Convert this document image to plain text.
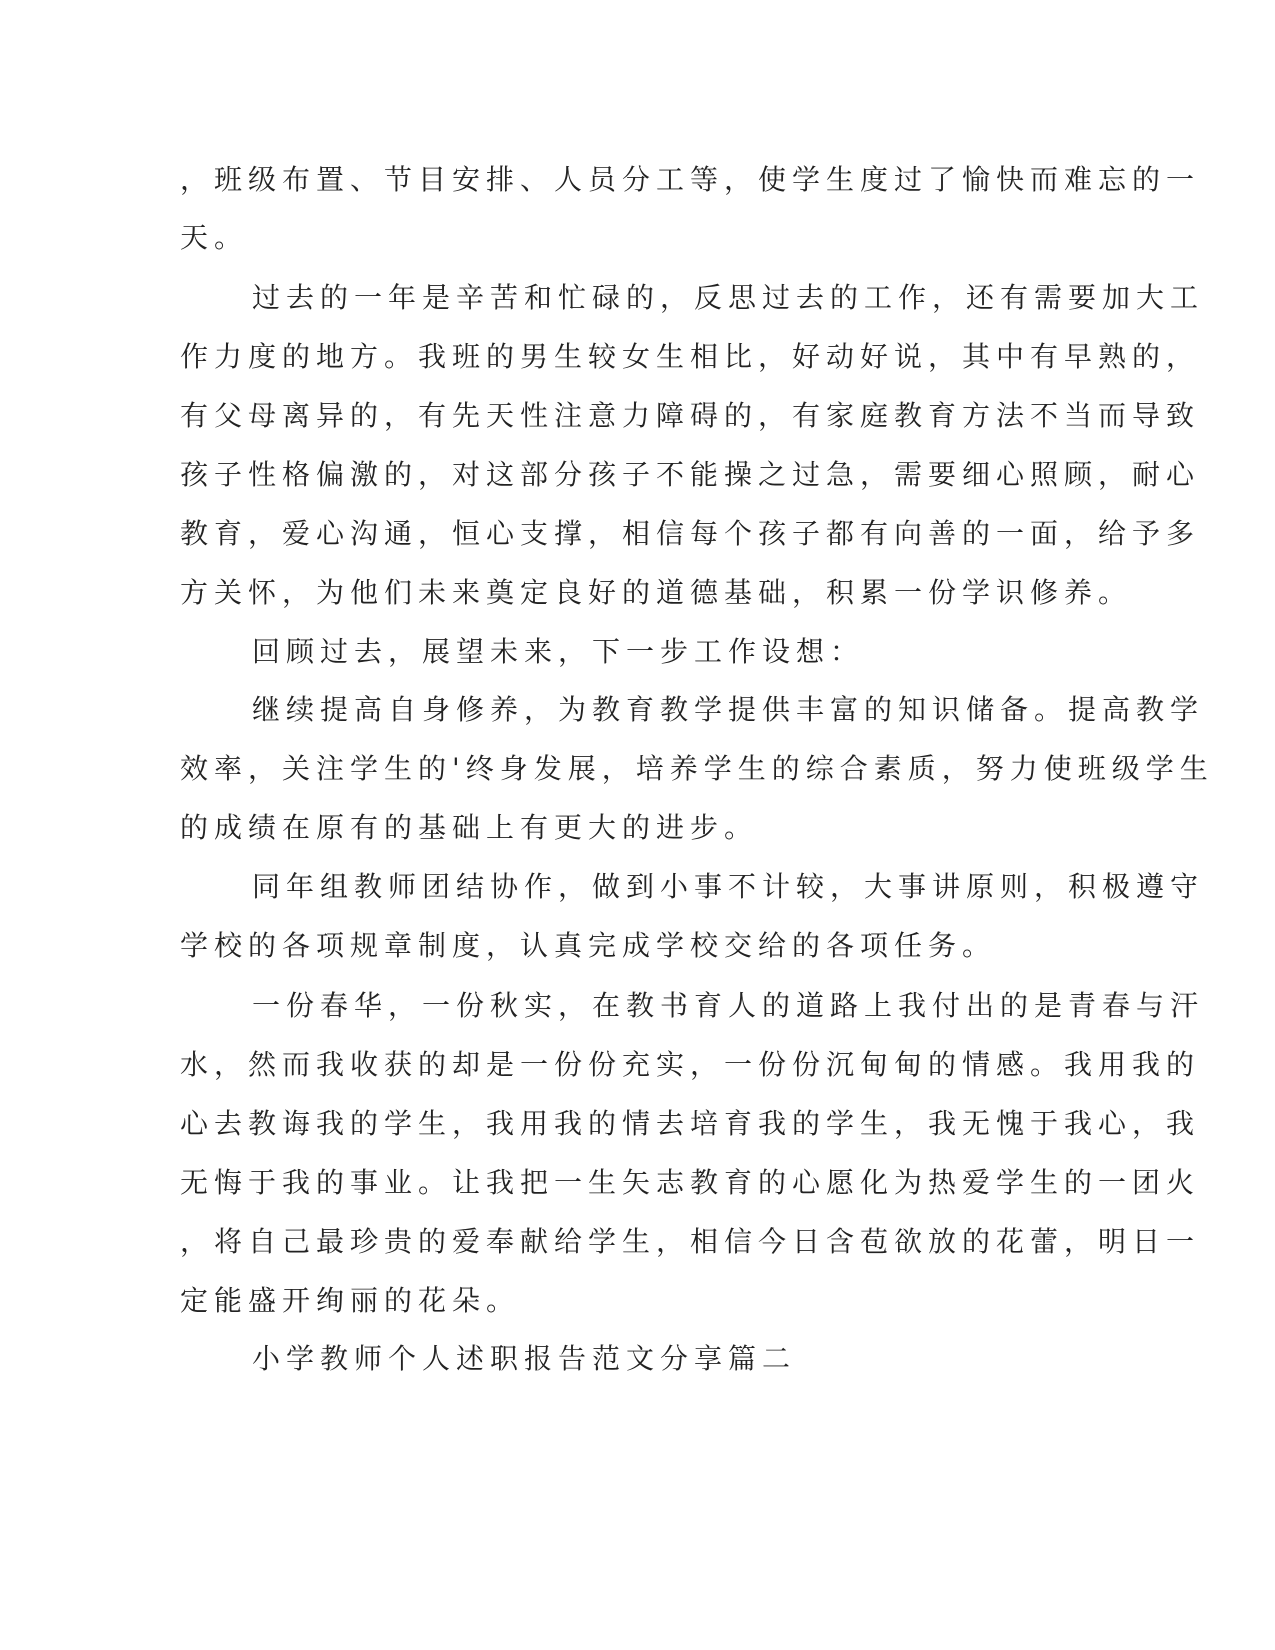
，班级布置、节目安排、人员分工等，使学生度过了愉快而难忘的一
天。
过去的一年是辛苦和忙碌的，反思过去的工作，还有需要加大工
作力度的地方。我班的男生较女生相比，好动好说，其中有早熟的，
有父母离异的，有先天性注意力障碍的，有家庭教育方法不当而导致
孩子性格偏激的，对这部分孩子不能操之过急，需要细心照顾，耐心
教育，爱心沟通，恒心支撑，相信每个孩子都有向善的一面，给予多
方关怀，为他们未来奠定良好的道德基础，积累一份学识修养。
回顾过去，展望未来，下一步工作设想：
继续提高自身修养，为教育教学提供丰富的知识储备。提高教学
效率，关注学生的'终身发展，培养学生的综合素质，努力使班级学生
的成绩在原有的基础上有更大的进步。
同年组教师团结协作，做到小事不计较，大事讲原则，积极遵守
学校的各项规章制度，认真完成学校交给的各项任务。
一份春华，一份秋实，在教书育人的道路上我付出的是青春与汗
水，然而我收获的却是一份份充实，一份份沉甸甸的情感。我用我的
心去教诲我的学生，我用我的情去培育我的学生，我无愧于我心，我
无悔于我的事业。让我把一生矢志教育的心愿化为热爱学生的一团火
，将自己最珍贵的爱奉献给学生，相信今日含苞欲放的花蕾，明日一
定能盛开绚丽的花朵。
小学教师个人述职报告范文分享篇二
